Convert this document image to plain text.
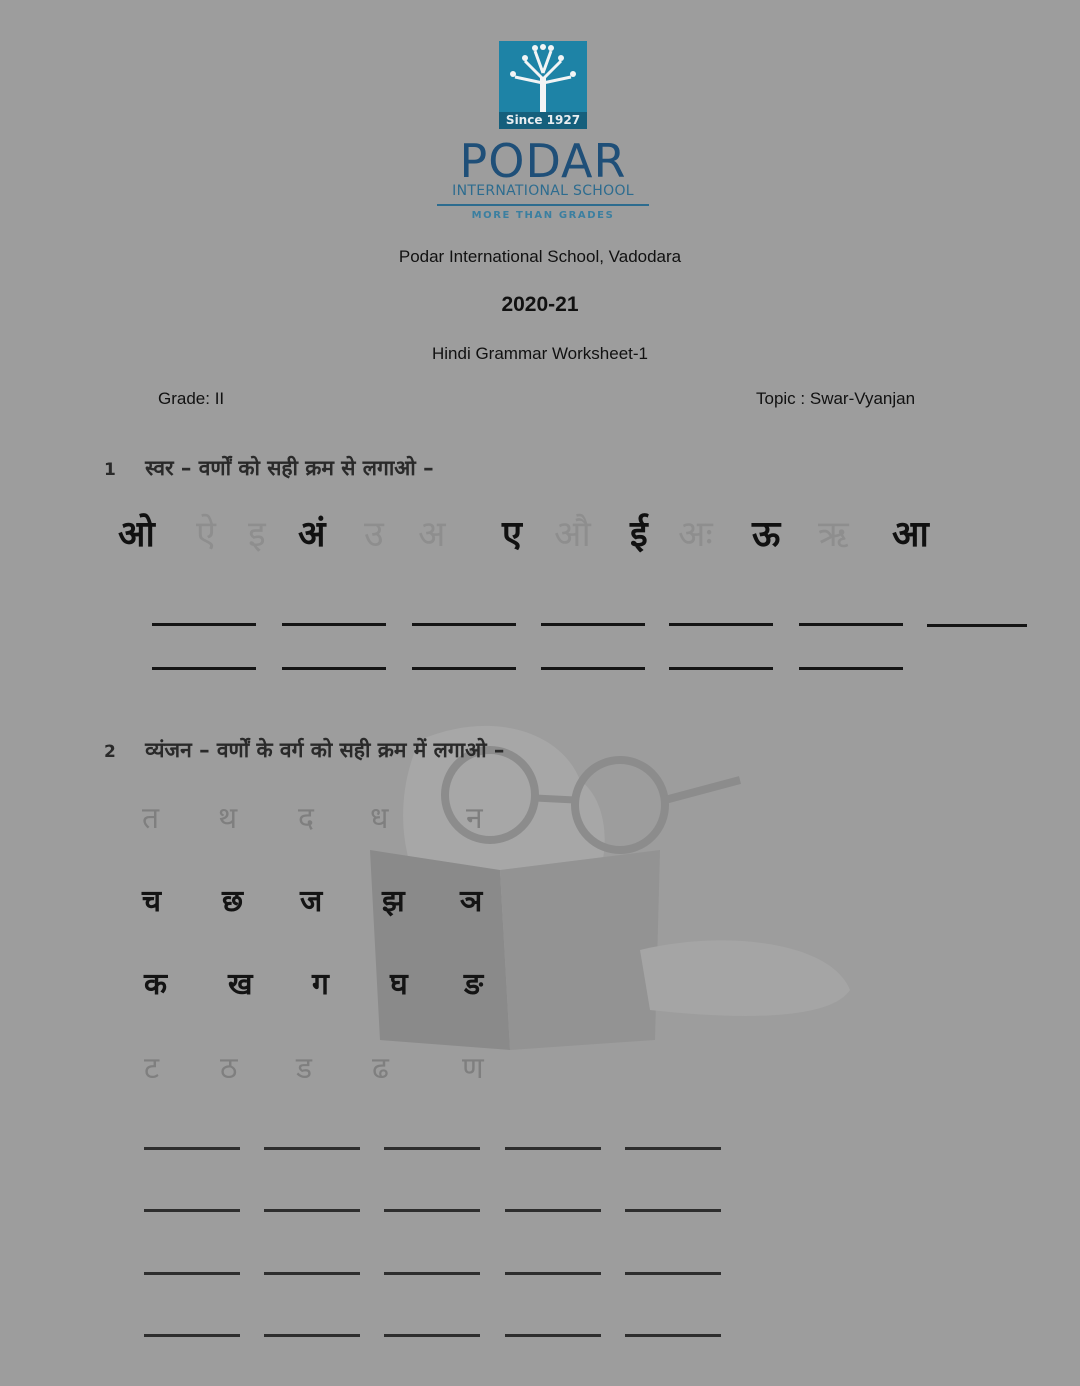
Since 1927
PODAR
INTERNATIONAL SCHOOL
MORE THAN GRADES
Podar International School, Vadodara
2020-21
Hindi Grammar Worksheet-1
Grade: II	Topic : Swar-Vyanjan
1 स्वर – वर्णों को सही क्रम से लगाओ –
ओ ऐ इ अं उ अ ए औ ई अः ऊ ऋ आ
2 व्यंजन – वर्णों के वर्ग को सही क्रम में लगाओ –
त थ द ध	न
च छ ज झ ञ
क ख ग घ ङ
ट ठ ड ढ ण
